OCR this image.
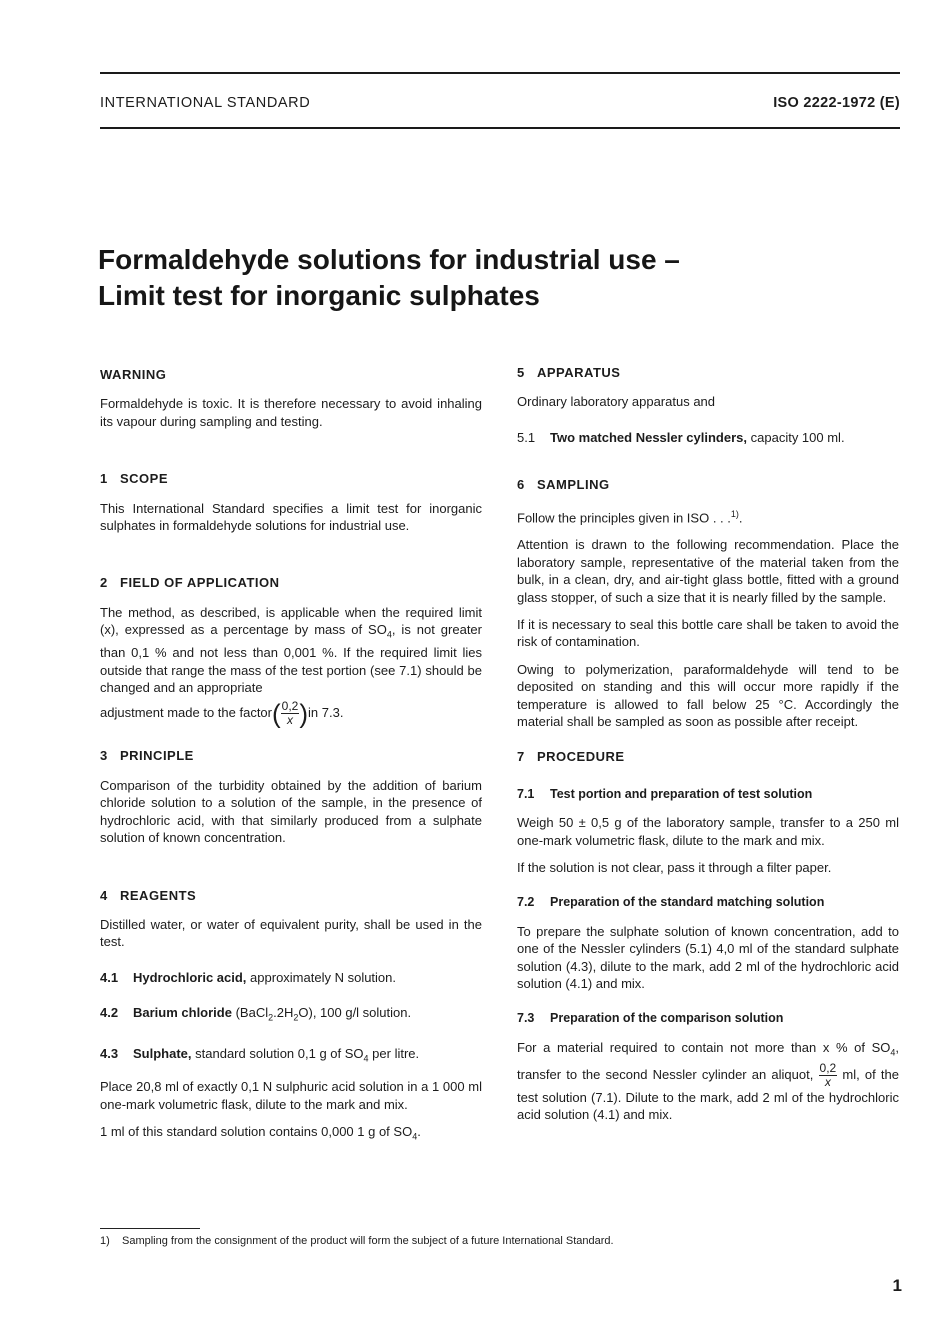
INTERNATIONAL STANDARD	ISO 2222-1972 (E)
Formaldehyde solutions for industrial use –
Limit test for inorganic sulphates
WARNING

Formaldehyde is toxic. It is therefore necessary to avoid inhaling its vapour during sampling and testing.

1 SCOPE

This International Standard specifies a limit test for inorganic sulphates in formaldehyde solutions for industrial use.

2 FIELD OF APPLICATION

The method, as described, is applicable when the required limit (x), expressed as a percentage by mass of $SO_4$, is not greater than 0,1 % and not less than 0,001 %. If the required limit lies outside that range the mass of the test portion (see 7.1) should be changed and an appropriate

adjustment made to the factor( $\frac{0,2}{x} )in$ 7.3.
3 PRINCIPLE

Comparison of the turbidity obtained by the addition of barium chloride solution to a solution of the sample, in the presence of hydrochloric acid, with that similarly produced from a sulphate solution of known concentration.

4 REAGENTS

Distilled water, or water of equivalent purity, shall be used in the test.

4.1 Hydrochloric acid, approximately N solution.

4.2 Barium chloride $(BaCl_2.2H_2O)$, 100 g/l solution.

4.3 Sulphate, standard solution 0,1 g of $SO_4$ per litre.

Place 20,8 ml of exactly 0,1 N sulphuric acid solution in a 1 000 ml one-mark volumetric flask, dilute to the mark and mix.

1 ml of this standard solution contains 0,000 1 g of $SO_4$.

5 APPARATUS

Ordinary laboratory apparatus and

5.1 Two matched Nessler cylinders, capacity 100 ml.

6 SAMPLING

Follow the principles given in ISO . . .$^{1)}$.

Attention is drawn to the following recommendation. Place the laboratory sample, representative of the material taken from the bulk, in a clean, dry, and air-tight glass bottle, fitted with a ground glass stopper, of such a size that it is nearly filled by the sample.

If it is necessary to seal this bottle care shall be taken to avoid the risk of contamination.

Owing to polymerization, paraformaldehyde will tend to be deposited on standing and this will occur more rapidly if the temperature is allowed to fall below 25 °C. Accordingly the material shall be sampled as soon as possible after receipt.

7 PROCEDURE
7.1 Test portion and preparation of test solution

Weigh 50 ± 0,5 g of the laboratory sample, transfer to a 250 ml one-mark volumetric flask, dilute to the mark and mix.

If the solution is not clear, pass it through a filter paper.

7.2 Preparation of the standard matching solution

To prepare the sulphate solution of known concentration, add to one of the Nessler cylinders (5.1) 4,0 ml of the standard sulphate solution (4.3), dilute to the mark, add 2 ml of the hydrochloric acid solution (4.1) and mix.

7.3 Preparation of the comparison solution

For a material required to contain not more than x % of $SO_4$, transfer to the second Nessler cylinder an aliquot, $\frac{0,2}{x}$ ml, of the test solution (7.1). Dilute to the mark, add 2 ml of the hydrochloric acid solution (4.1) and mix.

1) Sampling from the consignment of the product will form the subject of a future International Standard.
1
